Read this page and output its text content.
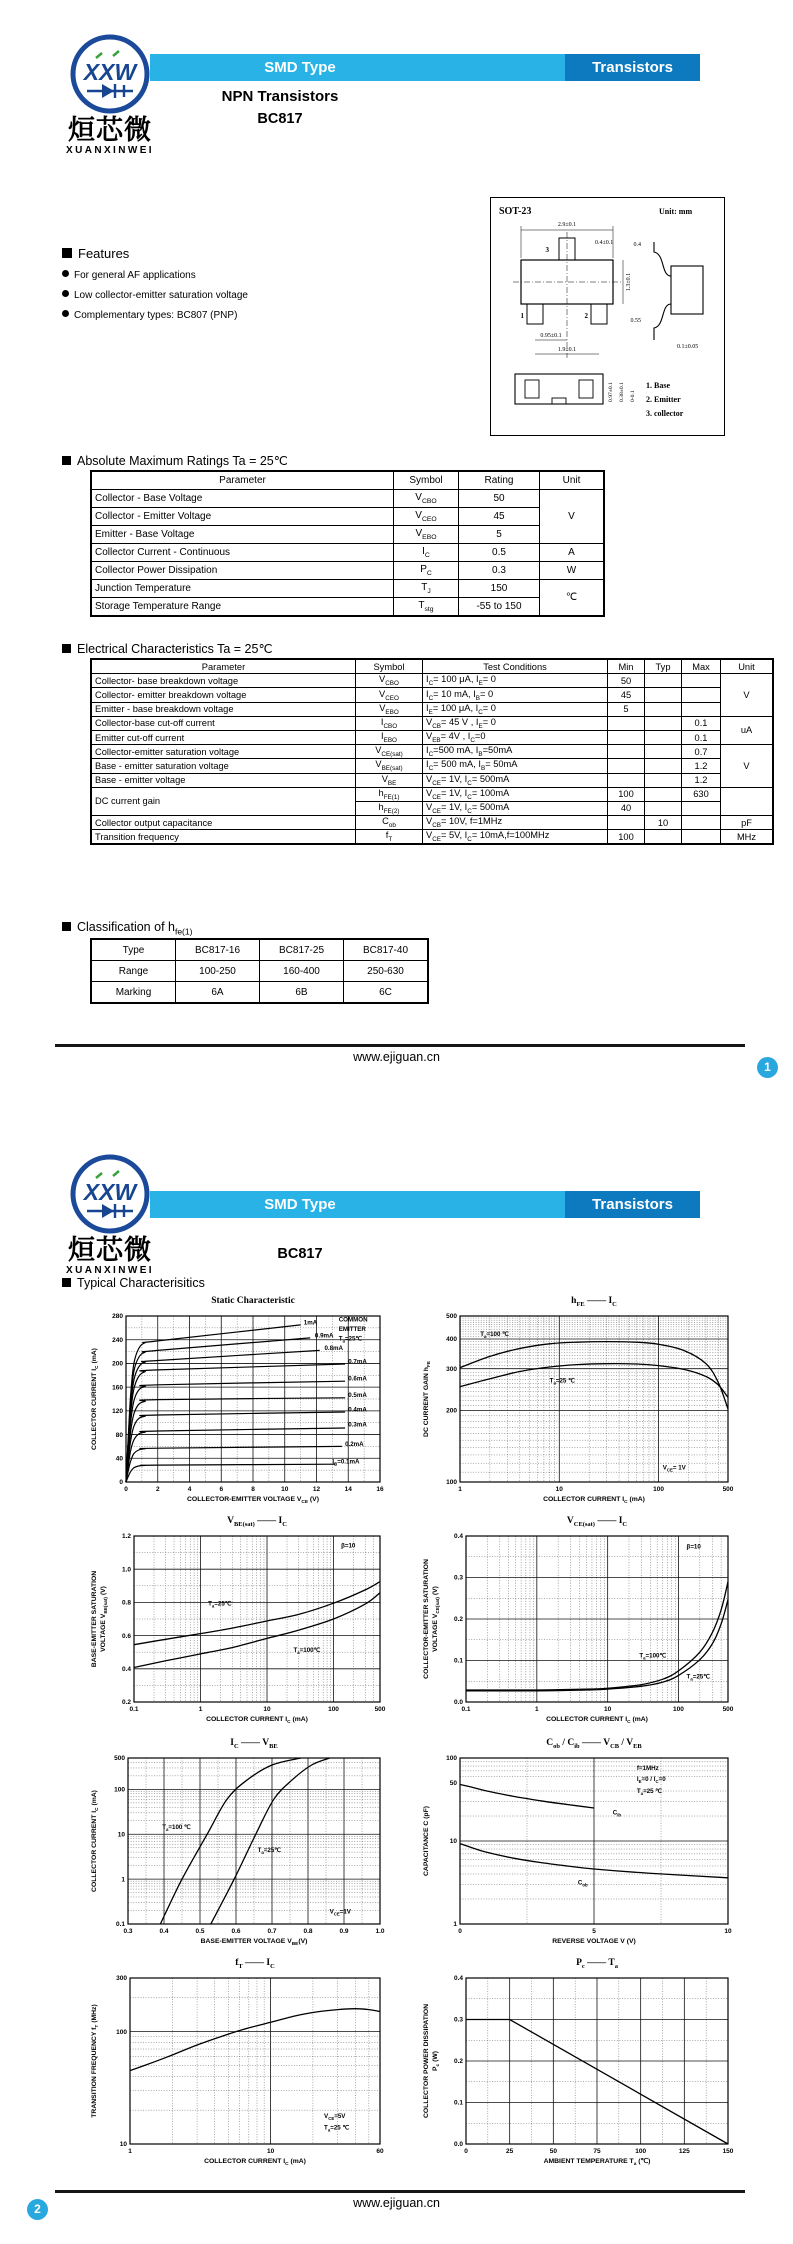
XXW
烜芯微
XUANXINWEI
SMD Type	Transistors
NPN Transistors
BC817
Features
For general AF applications
Low collector-emitter saturation voltage
Complementary types: BC807 (PNP)
SOT-23	Unit: mm
2.9±0.1
0.4±0.1
1.3±0.1
0.95±0.1
1.9±0.1
3
1	2
0.4
0.55
0.1±0.05
0.97±0.1 0.38±0.1 0-0.1
1. Base
2. Emitter
3. collector
Absolute Maximum Ratings Ta = 25℃
Parameter	Symbol	Rating	Unit
Collector - Base Voltage	$V_{CBO}$	50	V
Collector - Emitter Voltage	$V_{CEO}$	45	
Emitter - Base Voltage	$V_{EBO}$	5	
Collector Current - Continuous	$I_C$	0.5	A
Collector Power Dissipation	$P_C$	0.3	W
Junction Temperature	$T_J$	150	℃
Storage Temperature Range	$T_{stg}$	-55 to 150	
Electrical Characteristics Ta = 25℃
Parameter	Symbol	Test Conditions	Min	Typ	Max	Unit
Collector- base breakdown voltage	$V_{CBO}$	$I_C= 100$ μA, $I_E= 0$	50			V
Collector- emitter breakdown voltage	$V_{CEO}$	$I_C= 10$ mA, $I_B= 0$	45			
Emitter - base breakdown voltage	$V_{EBO}$	$I_E= 100$ μA, $I_C= 0$	5			
Collector-base cut-off current	$I_{CBO}$	$V_{CB}= 45$ V , $I_E= 0$			0.1	uA
Emitter cut-off current	$I_{EBO}$	$V_{EB}= 4V$ , $I_C=0$			0.1	
Collector-emitter saturation voltage	$V_{CE(sat)}$	$I_C=500$ mA, $I_B=50mA$			0.7	V
Base - emitter saturation voltage	$V_{BE(sat)}$	$I_C= 500$ mA, $I_B= 50mA$			1.2	
Base - emitter voltage	$V_{BE}$	$V_{CE}= 1V$, $I_C= 500mA$			1.2	
DC current gain	$h_{FE(1)}$	$V_{CE}= 1V$, $I_C= 100mA$	100		630	
	$h_{FE(2)}$	$V_{CE}= 1V$, $I_C= 500mA$	40			
Collector output capacitance	$C_{ob}$	$V_{CB}= 10V$, f=1MHz		10		pF
Transition frequency	$f_T$	$V_{CE}= 5V$, $I_C= 10mA,f=100MHz$	100			MHz
Classification of $h_{fe(1)}$
Type	BC817-16	BC817-25	BC817-40
Range	100-250	160-400	250-630
Marking	6A	6B	6C
www.ejiguan.cn
1
XXW
烜芯微
XUANXINWEI
SMD Type	Transistors
BC817
Typical Characterisitics
Static Characteristic
0	2	4	6	8	10	12	14	16
0
40
80
120
160
200
240
280
COLLECTOR-EMITTER VOLTAGE $V_{CE}$ (V)
COLLECTOR CURRENT $I_C$ (mA)
1mA
0.9mA
0.8mA
0.7mA
0.6mA
0.5mA
0.4mA
0.3mA
0.2mA
$I_B=0.1mA$
COMMON
EMITTER
$T_a=25℃$
$h_{FE}$ —— $I_C$
1	10	100	500
100
200
300
400
500
COLLECTOR CURRENT $I_C$ (mA)
DC CURRENT GAIN $h_{FE}$
$T_a=100$ ℃
$T_a=25$ ℃
$V_{CE}= 1V$
$V_{BE(sat)}$ —— $I_C$
0.1	1	10	100	500
0.2
0.4
0.6
0.8
1.0
1.2
COLLECTOR CURRENT $I_C$ (mA)
BASE-EMITTER SATURATION VOLTAGE $V_{BE(sat)}$ (V)
β=10
$T_a=25℃$
$T_a=100℃$
$V_{CE(sat)}$ —— $I_C$
0.1	1	10	100	500
0.0
0.1
0.2
0.3
0.4
COLLECTOR CURRENT $I_C$ (mA)
COLLECTOR-EMITTER SATURATION VOLTAGE $V_{CE(sat)}$ (V)
β=10
$T_a=100℃$
$T_a=25℃$
$I_C$ —— $V_{BE}$
0.3	0.4	0.5	0.6	0.7	0.8	0.9	1.0
0.1
1
10
100
500
BASE-EMITTER VOLTAGE $V_{BE}(V)$
COLLECTOR CURRENT $I_C$ (mA)
$T_a=100$ ℃
$T_a=25℃$
$V_{CE}=1V$
$C_{ob} / C_{ib}$ —— $V_{CB} / V_{EB}$
0	5	10
1
10
50
100
REVERSE VOLTAGE V (V)
CAPACITANCE C (pF)
f=1MHz
$I_E=0 / I_C=0$
$T_a=25$ ℃
$C_{ib}$
$C_{ob}$
$f_T$ —— $I_C$
1	10	60
10
100
300
COLLECTOR CURRENT $I_C$ (mA)
TRANSITION FREQUENCY $f_T$ (MHz)
$V_{CE}=5V$
$T_a=25$ ℃
$P_c$ —— $T_a$
0	25	50	75	100	125	150
0.0
0.1
0.2
0.3
0.4
AMBIENT TEMPERATURE $T_a$ (℃)
COLLECTOR POWER DISSIPATION $P_c$ (W)
www.ejiguan.cn
2
